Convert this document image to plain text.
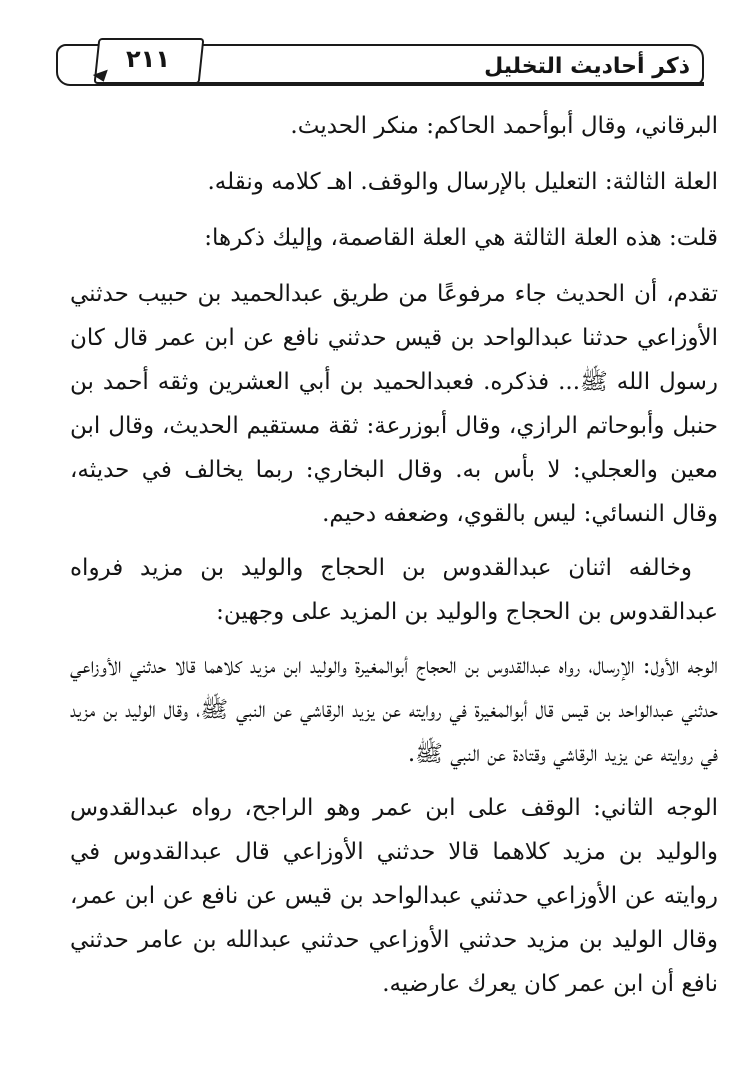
٢١١	ذكر أحاديث التخليل

البرقاني، وقال أبوأحمد الحاكم: منكر الحديث.

العلة الثالثة: التعليل بالإرسال والوقف. اهـ كلامه ونقله.

قلت: هذه العلة الثالثة هي العلة القاصمة، وإليك ذكرها:

تقدم، أن الحديث جاء مرفوعًا من طريق عبدالحميد بن حبيب حدثني الأوزاعي حدثنا عبدالواحد بن قيس حدثني نافع عن ابن عمر قال كان رسول الله ﷺ... فذكره. فعبدالحميد بن أبي العشرين وثقه أحمد بن حنبل وأبوحاتم الرازي، وقال أبوزرعة: ثقة مستقيم الحديث، وقال ابن معين والعجلي: لا بأس به. وقال البخاري: ربما يخالف في حديثه، وقال النسائي: ليس بالقوي، وضعفه دحيم.

وخالفه اثنان عبدالقدوس بن الحجاج والوليد بن مزيد فرواه عبدالقدوس بن الحجاج والوليد بن المزيد على وجهين:

الوجه الأول: الإرسال، رواه عبدالقدوس بن الحجاج أبوالمغيرة والوليد ابن مزيد كلاهما قالا حدثني الأوزاعي حدثني عبدالواحد بن قيس قال أبوالمغيرة في روايته عن يزيد الرقاشي عن النبي ﷺ، وقال الوليد بن مزيد في روايته عن يزيد الرقاشي وقتادة عن النبي ﷺ.

الوجه الثاني: الوقف على ابن عمر وهو الراجح، رواه عبدالقدوس والوليد بن مزيد كلاهما قالا حدثني الأوزاعي قال عبدالقدوس في روايته عن الأوزاعي حدثني عبدالواحد بن قيس عن نافع عن ابن عمر، وقال الوليد بن مزيد حدثني الأوزاعي حدثني عبدالله بن عامر حدثني نافع أن ابن عمر كان يعرك عارضيه.
